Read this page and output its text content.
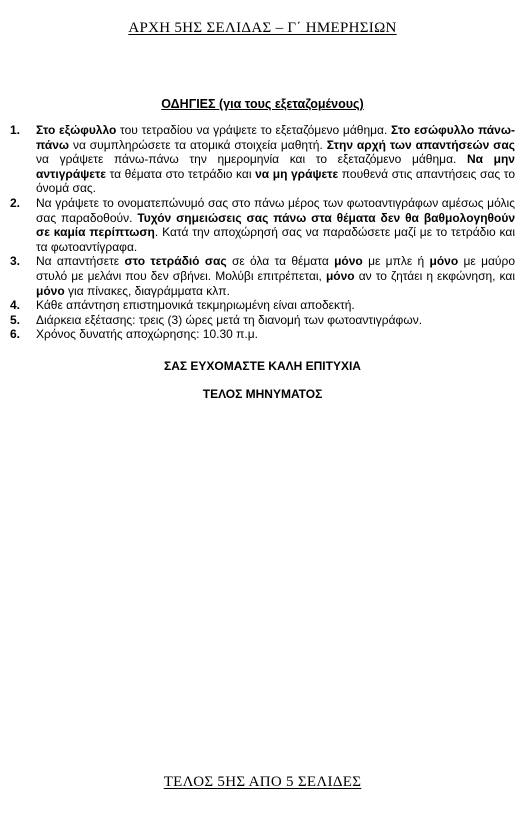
ΑΡΧΗ 5ΗΣ ΣΕΛΙΔΑΣ – Γ΄ ΗΜΕΡΗΣΙΩΝ
ΟΔΗΓΙΕΣ (για τους εξεταζομένους)
1.	Στο εξώφυλλο του τετραδίου να γράψετε το εξεταζόμενο μάθημα. Στο εσώφυλλο πάνω-πάνω να συμπληρώσετε τα ατομικά στοιχεία μαθητή. Στην αρχή των απαντήσεών σας να γράψετε πάνω-πάνω την ημερομηνία και το εξεταζόμενο μάθημα. Να μην αντιγράψετε τα θέματα στο τετράδιο και να μη γράψετε πουθενά στις απαντήσεις σας το όνομά σας.
2.	Να γράψετε το ονοματεπώνυμό σας στο πάνω μέρος των φωτοαντιγράφων αμέσως μόλις σας παραδοθούν. Τυχόν σημειώσεις σας πάνω στα θέματα δεν θα βαθμολογηθούν σε καμία περίπτωση. Κατά την αποχώρησή σας να παραδώσετε μαζί με το τετράδιο και τα φωτοαντίγραφα.
3.	Να απαντήσετε στο τετράδιό σας σε όλα τα θέματα μόνο με μπλε ή μόνο με μαύρο στυλό με μελάνι που δεν σβήνει. Μολύβι επιτρέπεται, μόνο αν το ζητάει η εκφώνηση, και μόνο για πίνακες, διαγράμματα κλπ.
4.	Κάθε απάντηση επιστημονικά τεκμηριωμένη είναι αποδεκτή.
5.	Διάρκεια εξέτασης: τρεις (3) ώρες μετά τη διανομή των φωτοαντιγράφων.
6.	Χρόνος δυνατής αποχώρησης: 10.30 π.μ.
ΣΑΣ ΕΥΧΟΜΑΣΤΕ ΚΑΛΗ ΕΠΙΤΥΧΙΑ
ΤΕΛΟΣ ΜΗΝΥΜΑΤΟΣ
ΤΕΛΟΣ 5ΗΣ ΑΠΟ 5 ΣΕΛΙΔΕΣ
